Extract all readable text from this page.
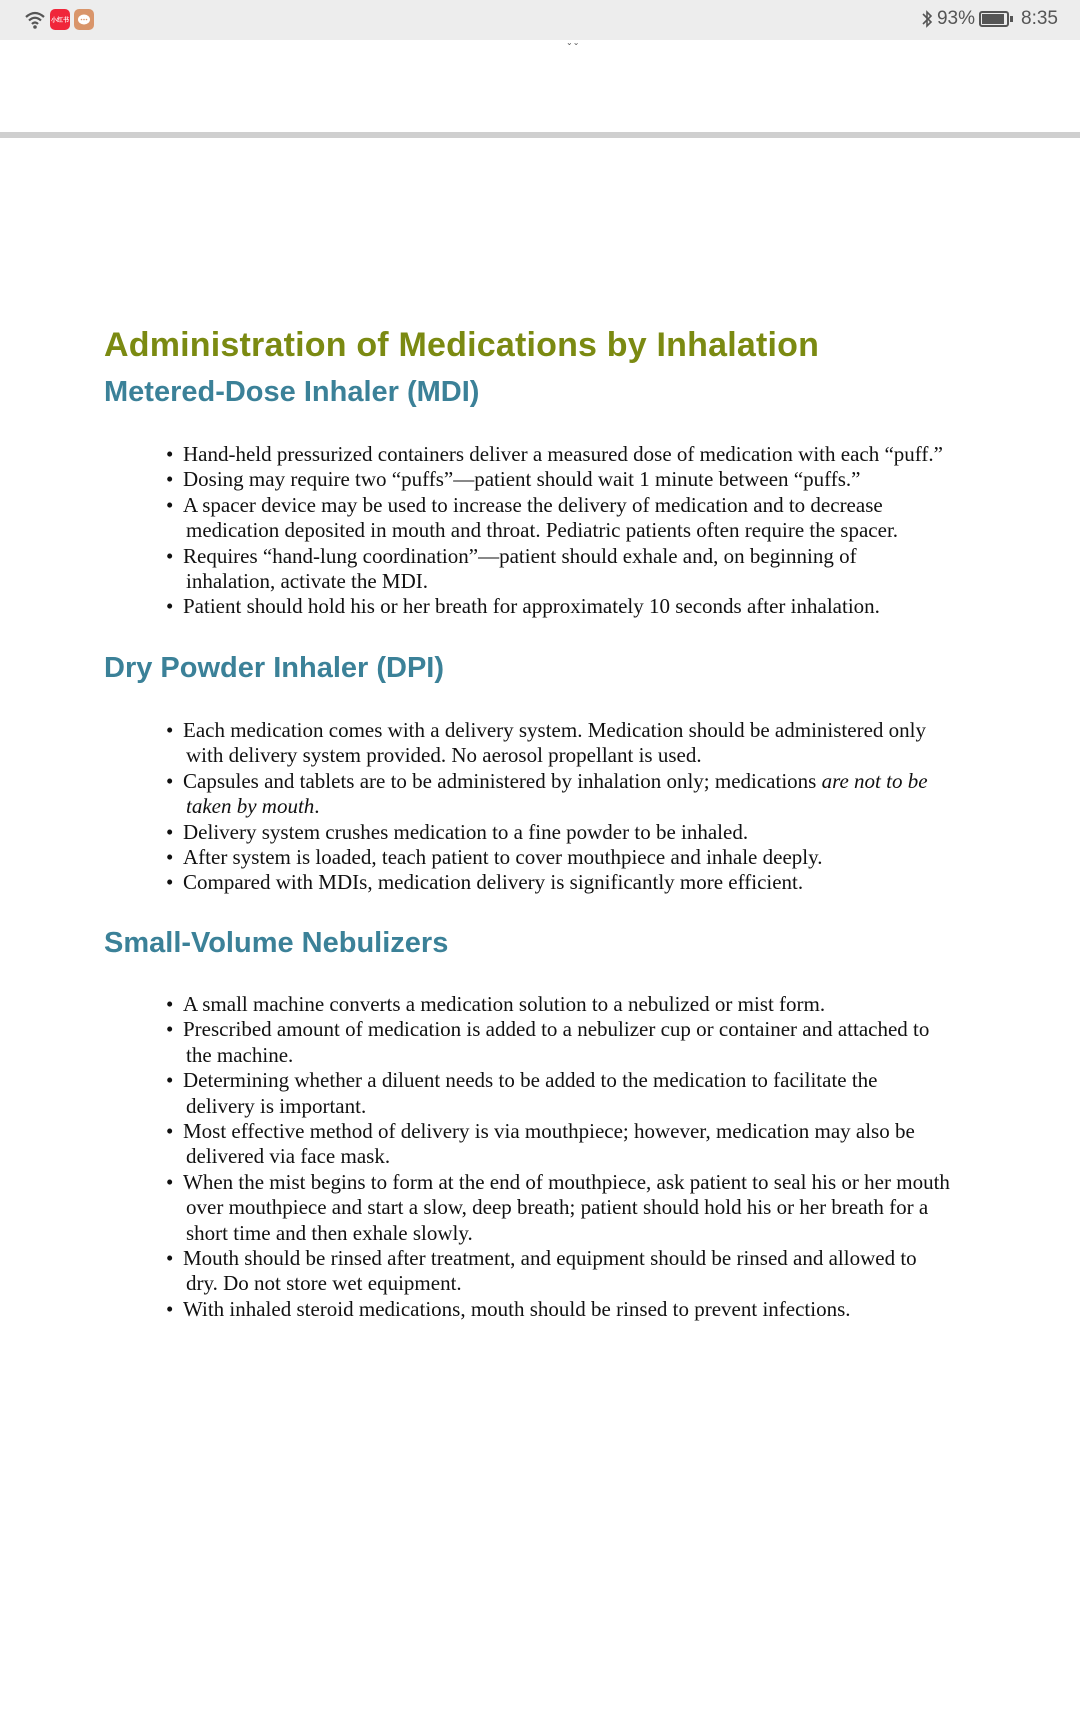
小红书	93% 8:35
⌄⌄
Administration of Medications by Inhalation
Metered-Dose Inhaler (MDI)
• Hand-held pressurized containers deliver a measured dose of medication with each “puff.”
• Dosing may require two “puffs”—patient should wait 1 minute between “puffs.”
• A spacer device may be used to increase the delivery of medication and to decrease
medication deposited in mouth and throat. Pediatric patients often require the spacer.
• Requires “hand-lung coordination”—patient should exhale and, on beginning of
inhalation, activate the MDI.
• Patient should hold his or her breath for approximately 10 seconds after inhalation.
Dry Powder Inhaler (DPI)
• Each medication comes with a delivery system. Medication should be administered only
with delivery system provided. No aerosol propellant is used.
• Capsules and tablets are to be administered by inhalation only; medications are not to be
taken by mouth.
• Delivery system crushes medication to a fine powder to be inhaled.
• After system is loaded, teach patient to cover mouthpiece and inhale deeply.
• Compared with MDIs, medication delivery is significantly more efficient.
Small-Volume Nebulizers
• A small machine converts a medication solution to a nebulized or mist form.
• Prescribed amount of medication is added to a nebulizer cup or container and attached to
the machine.
• Determining whether a diluent needs to be added to the medication to facilitate the
delivery is important.
• Most effective method of delivery is via mouthpiece; however, medication may also be
delivered via face mask.
• When the mist begins to form at the end of mouthpiece, ask patient to seal his or her mouth
over mouthpiece and start a slow, deep breath; patient should hold his or her breath for a
short time and then exhale slowly.
• Mouth should be rinsed after treatment, and equipment should be rinsed and allowed to
dry. Do not store wet equipment.
• With inhaled steroid medications, mouth should be rinsed to prevent infections.
